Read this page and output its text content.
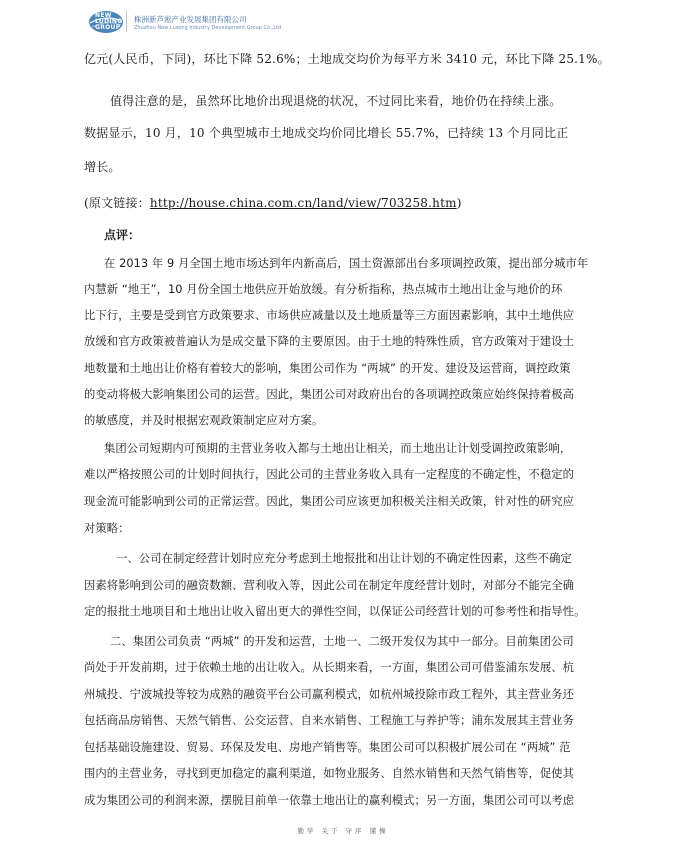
NEW
LUDING
GROUP
株洲新芦淞产业发展集团有限公司
Zhuzhou New Lusong Industry Development Group Co.,Ltd
亿元(人民币，下同)，环比下降 52.6%；土地成交均价为每平方米 3410 元，环比下降 25.1%。
值得注意的是，虽然环比地价出现退烧的状况，不过同比来看，地价仍在持续上涨。
数据显示，10 月，10 个典型城市土地成交均价同比增长 55.7%，已持续 13 个月同比正
增长。
(原文链接：http://house.china.com.cn/land/view/703258.htm)
点评：
在 2013 年 9 月全国土地市场达到年内新高后，国土资源部出台多项调控政策，提出部分城市年
内慧新 “地王”，10 月份全国土地供应开始放缓。有分析指称，热点城市土地出让金与地价的环
比下行，主要是受到官方政策要求、市场供应减量以及土地质量等三方面因素影响，其中土地供应
放缓和官方政策被普遍认为是成交量下降的主要原因。由于土地的特殊性质，官方政策对于建设土
地数量和土地出让价格有着较大的影响，集团公司作为 “两城” 的开发、建设及运营商，调控政策
的变动将极大影响集团公司的运营。因此，集团公司对政府出台的各项调控政策应始终保持着极高
的敏感度，并及时根据宏观政策制定应对方案。
集团公司短期内可预期的主营业务收入都与土地出让相关，而土地出让计划受调控政策影响，
难以严格按照公司的计划时间执行，因此公司的主营业务收入具有一定程度的不确定性，不稳定的
现金流可能影响到公司的正常运营。因此，集团公司应该更加积极关注相关政策，针对性的研究应
对策略：
一、公司在制定经营计划时应充分考虑到土地报批和出让计划的不确定性因素，这些不确定
因素将影响到公司的融资数额、营利收入等，因此公司在制定年度经营计划时，对部分不能完全确
定的报批土地项目和土地出让收入留出更大的弹性空间，以保证公司经营计划的可参考性和指导性。
二、集团公司负责 “两城” 的开发和运营，土地一、二级开发仅为其中一部分。目前集团公司
尚处于开发前期，过于依赖土地的出让收入。从长期来看，一方面，集团公司可借鉴浦东发展、杭
州城投、宁波城投等较为成熟的融资平台公司赢利模式，如杭州城投除市政工程外，其主营业务还
包括商品房销售、天然气销售、公交运营、自来水销售、工程施工与养护等；浦东发展其主营业务
包括基础设施建设、贸易、环保及发电、房地产销售等。集团公司可以积极扩展公司在 “两城” 范
围内的主营业务，寻找到更加稳定的赢利渠道，如物业服务、自然水销售和天然气销售等，促使其
成为集团公司的利润来源，摆脱目前单一依靠土地出让的赢利模式；另一方面，集团公司可以考虑
勤学 关于 守序 懂操
